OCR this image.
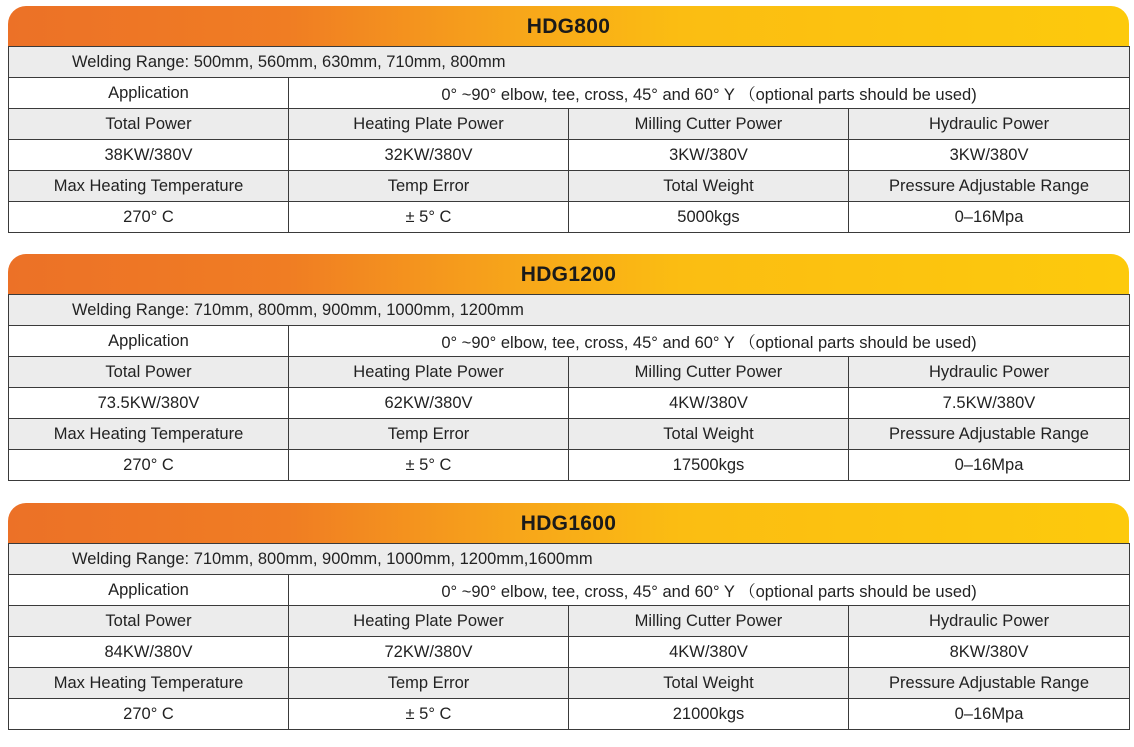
HDG800
Welding Range: 500mm, 560mm, 630mm, 710mm, 800mm			
Application	0° ~90° elbow, tee, cross, 45° and 60° Y （optional parts should be used)		
Total Power	Heating Plate Power	Milling Cutter Power	Hydraulic Power
38KW/380V	32KW/380V	3KW/380V	3KW/380V
Max Heating Temperature	Temp Error	Total Weight	Pressure Adjustable Range
270° C	± 5° C	5000kgs	0–16Mpa
HDG1200
Welding Range: 710mm, 800mm, 900mm, 1000mm, 1200mm			
Application	0° ~90° elbow, tee, cross, 45° and 60° Y （optional parts should be used)		
Total Power	Heating Plate Power	Milling Cutter Power	Hydraulic Power
73.5KW/380V	62KW/380V	4KW/380V	7.5KW/380V
Max Heating Temperature	Temp Error	Total Weight	Pressure Adjustable Range
270° C	± 5° C	17500kgs	0–16Mpa
HDG1600
Welding Range: 710mm, 800mm, 900mm, 1000mm, 1200mm,1600mm			
Application	0° ~90° elbow, tee, cross, 45° and 60° Y （optional parts should be used)		
Total Power	Heating Plate Power	Milling Cutter Power	Hydraulic Power
84KW/380V	72KW/380V	4KW/380V	8KW/380V
Max Heating Temperature	Temp Error	Total Weight	Pressure Adjustable Range
270° C	± 5° C	21000kgs	0–16Mpa
